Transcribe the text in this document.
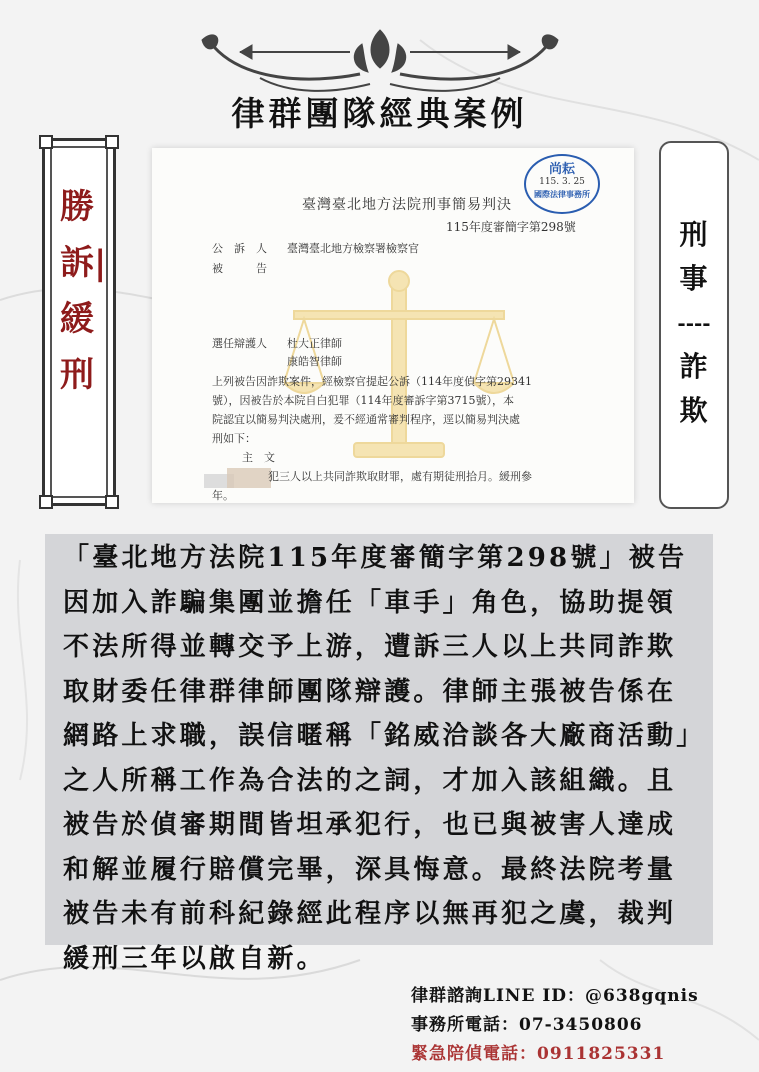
律群團隊經典案例
勝訴|緩刑
刑
事
----
詐
欺
臺灣臺北地方法院刑事簡易判決
115年度審簡字第298號
尚耘
115. 3. 25
國際法律事務所
公　訴　人 臺灣臺北地方檢察署檢察官
被　　　告
選任辯護人 杜大正律師
康皓智律師
上列被告因詐欺案件，經檢察官提起公訴（114年度偵字第29341
號），因被告於本院自白犯罪（114年度審訴字第3715號），本
院認宜以簡易判決處刑，爰不經通常審判程序，逕以簡易判決處
刑如下：
主　文
犯三人以上共同詐欺取財罪，處有期徒刑拾月。緩刑參
年。

「臺北地方法院115年度審簡字第298號」被告因加入詐騙集團並擔任「車手」角色，協助提領不法所得並轉交予上游，遭訴三人以上共同詐欺取財委任律群律師團隊辯護。律師主張被告係在網路上求職，誤信暱稱「銘威洽談各大廠商活動」之人所稱工作為合法的之詞，才加入該組織。且被告於偵審期間皆坦承犯行，也已與被害人達成和解並履行賠償完畢，深具悔意。最終法院考量被告未有前科紀錄經此程序以無再犯之虞，裁判緩刑三年以啟自新。

律群諮詢LINE ID：@638gqnis
事務所電話：07-3450806
緊急陪偵電話：0911825331
